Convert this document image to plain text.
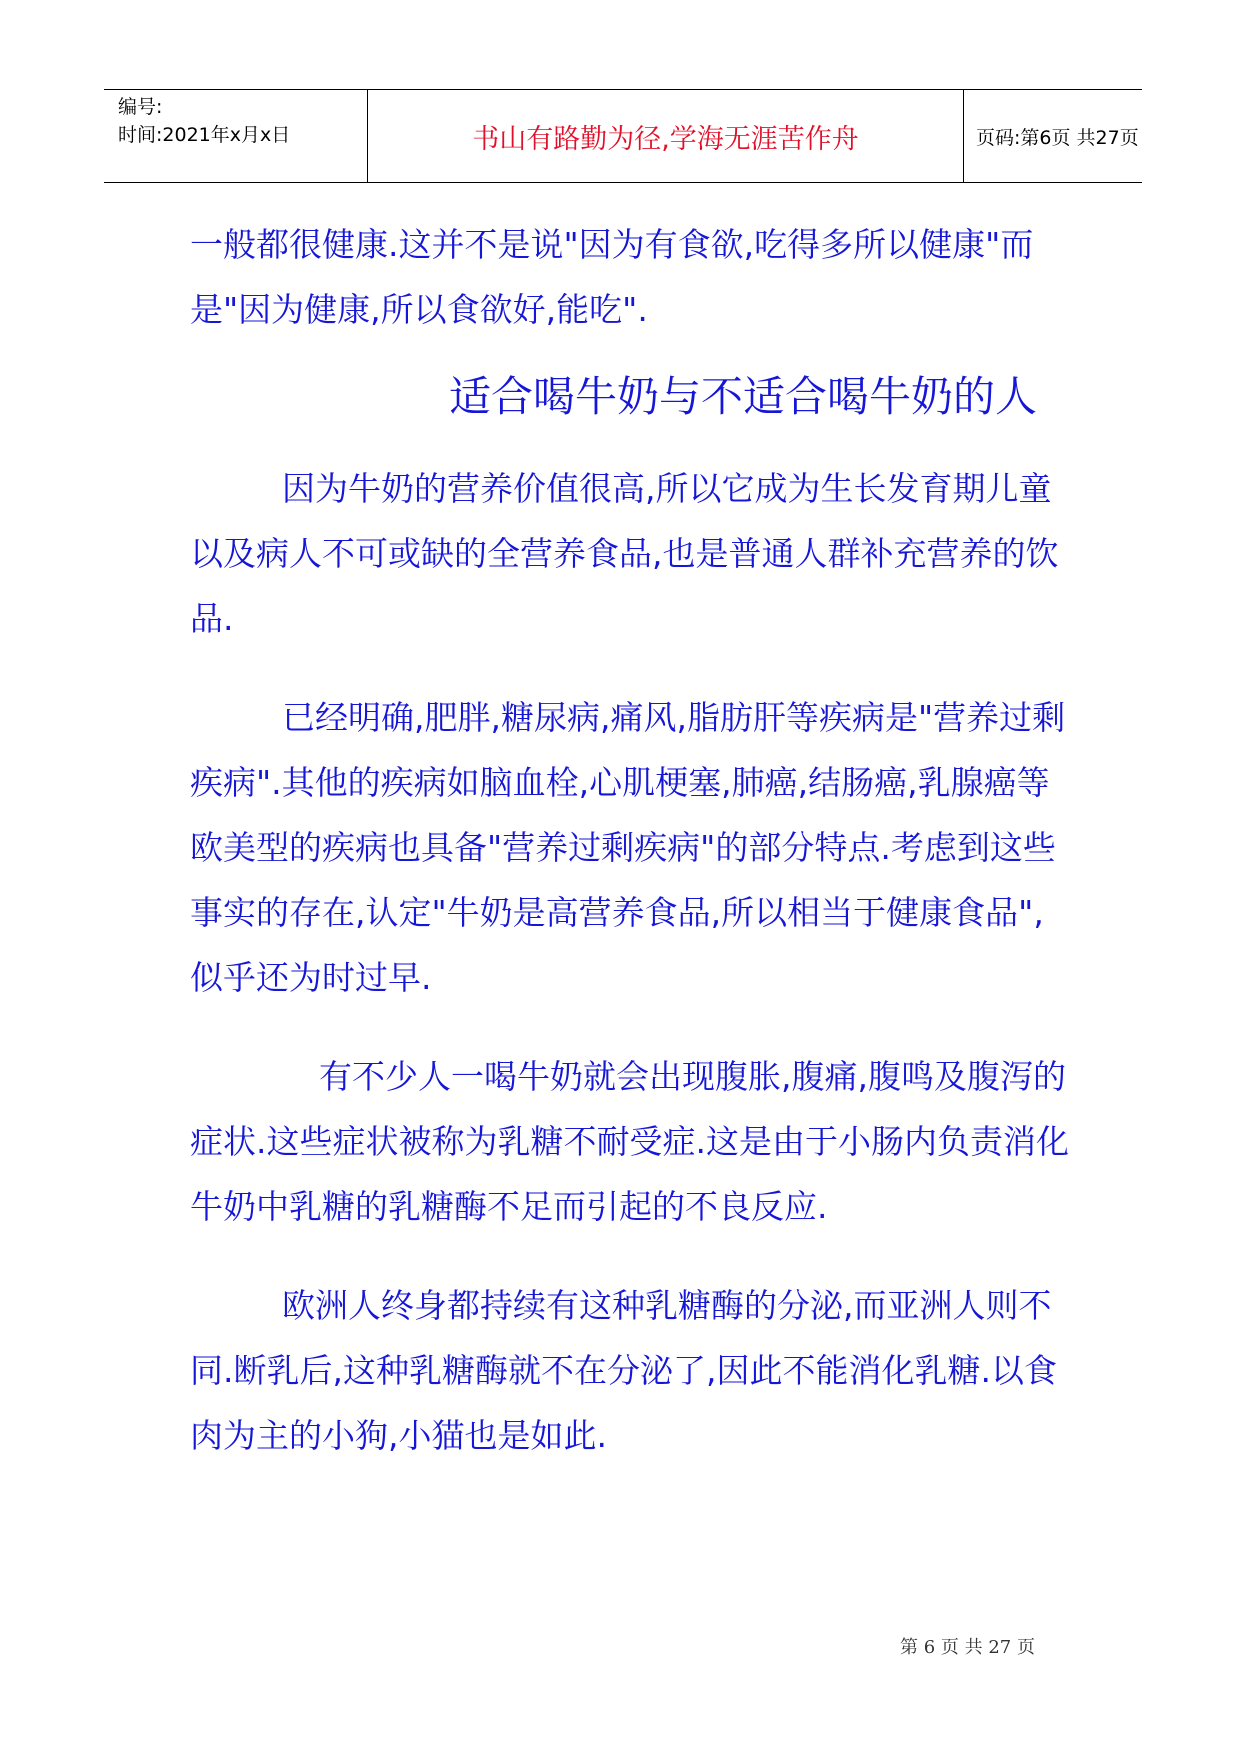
编号:
时间:2021年x月x日	书山有路勤为径,学海无涯苦作舟	页码:第6页 共27页

一般都很健康.这并不是说"因为有食欲,吃得多所以健康"而是"因为健康,所以食欲好,能吃".

适合喝牛奶与不适合喝牛奶的人

因为牛奶的营养价值很高,所以它成为生长发育期儿童以及病人不可或缺的全营养食品,也是普通人群补充营养的饮品.

已经明确,肥胖,糖尿病,痛风,脂肪肝等疾病是"营养过剩疾病".其他的疾病如脑血栓,心肌梗塞,肺癌,结肠癌,乳腺癌等欧美型的疾病也具备"营养过剩疾病"的部分特点.考虑到这些事实的存在,认定"牛奶是高营养食品,所以相当于健康食品",似乎还为时过早.

有不少人一喝牛奶就会出现腹胀,腹痛,腹鸣及腹泻的症状.这些症状被称为乳糖不耐受症.这是由于小肠内负责消化牛奶中乳糖的乳糖酶不足而引起的不良反应.

欧洲人终身都持续有这种乳糖酶的分泌,而亚洲人则不同.断乳后,这种乳糖酶就不在分泌了,因此不能消化乳糖.以食肉为主的小狗,小猫也是如此.

第 6 页 共 27 页
